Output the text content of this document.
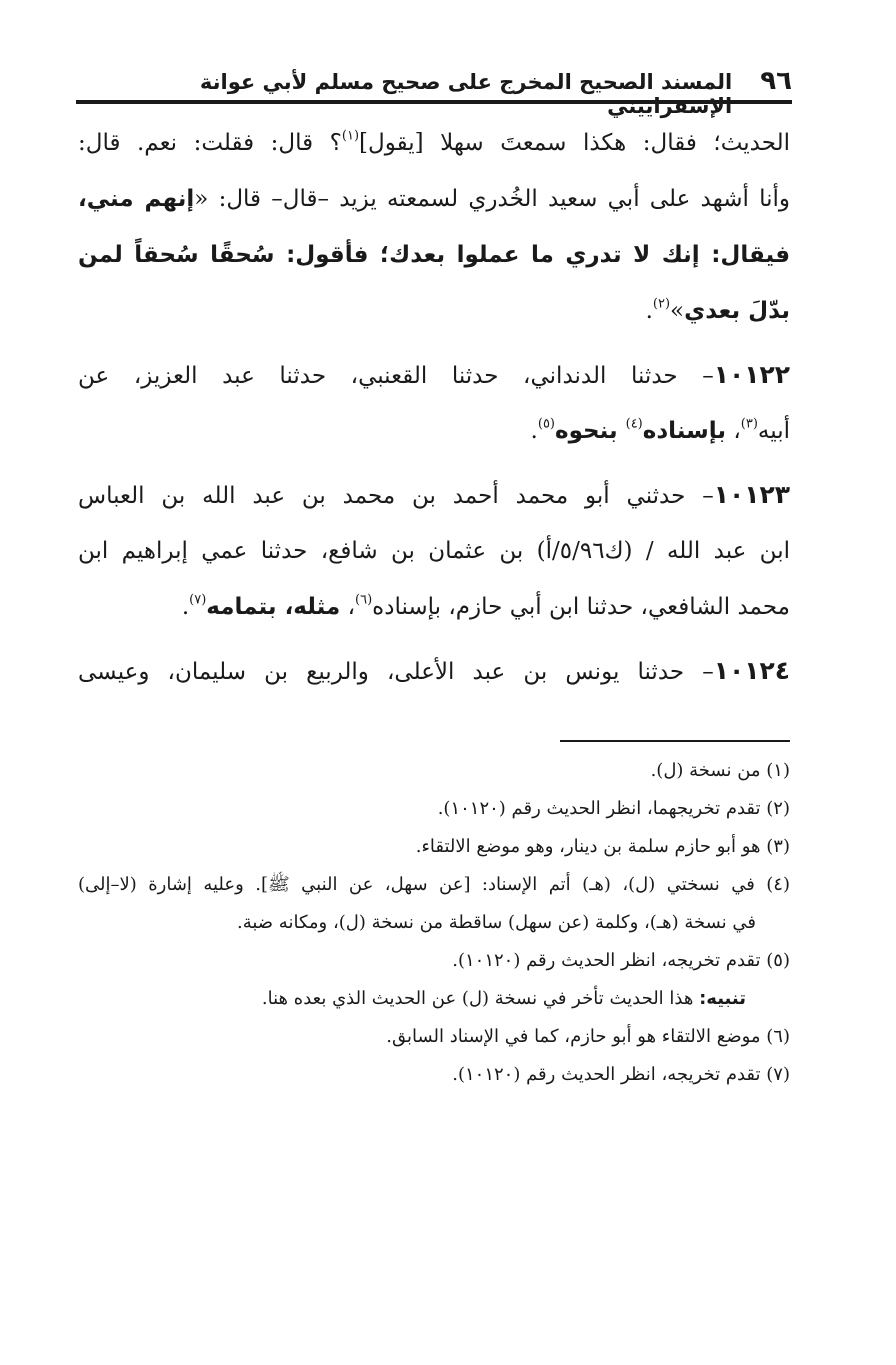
٩٦
المسند الصحيح المخرج على صحيح مسلم لأبي عوانة الإسفراييني
الحديث؛ فقال: هكذا سمعتَ سهلا [يقول]$^{(١)}$؟ قال: فقلت: نعم. قال:
وأنا أشهد على أبي سعيد الخُدري لسمعته يزيد –قال– قال: «إنهم مني،
فيقال: إنك لا تدري ما عملوا بعدك؛ فأقول: سُحقًا سُحقاً لمن
بدّلَ بعدي»$^{(٢)}$.
١٠١٢٢– حدثنا الدنداني، حدثنا القعنبي، حدثنا عبد العزيز، عن
أبيه$^{(٣)}$، بإسناده$^{(٤)}$ بنحوه$^{(٥)}$.
١٠١٢٣– حدثني أبو محمد أحمد بن محمد بن عبد الله بن العباس
ابن عبد الله / (ك٥/٩٦/أ) بن عثمان بن شافع، حدثنا عمي إبراهيم ابن
محمد الشافعي، حدثنا ابن أبي حازم، بإسناده$^{(٦)}$، مثله، بتمامه$^{(٧)}$.
١٠١٢٤– حدثنا يونس بن عبد الأعلى، والربيع بن سليمان، وعيسى
(١) من نسخة (ل).
(٢) تقدم تخريجهما، انظر الحديث رقم (١٠١٢٠).
(٣) هو أبو حازم سلمة بن دينار، وهو موضع الالتقاء.
(٤) في نسختي (ل)، (هـ) أتم الإسناد: [عن سهل، عن النبي ﷺ]. وعليه إشارة (لا–إلى)
في نسخة (هـ)، وكلمة (عن سهل) ساقطة من نسخة (ل)، ومكانه ضبة.
(٥) تقدم تخريجه، انظر الحديث رقم (١٠١٢٠).
تنبيه: هذا الحديث تأخر في نسخة (ل) عن الحديث الذي بعده هنا.
(٦) موضع الالتقاء هو أبو حازم، كما في الإسناد السابق.
(٧) تقدم تخريجه، انظر الحديث رقم (١٠١٢٠).
